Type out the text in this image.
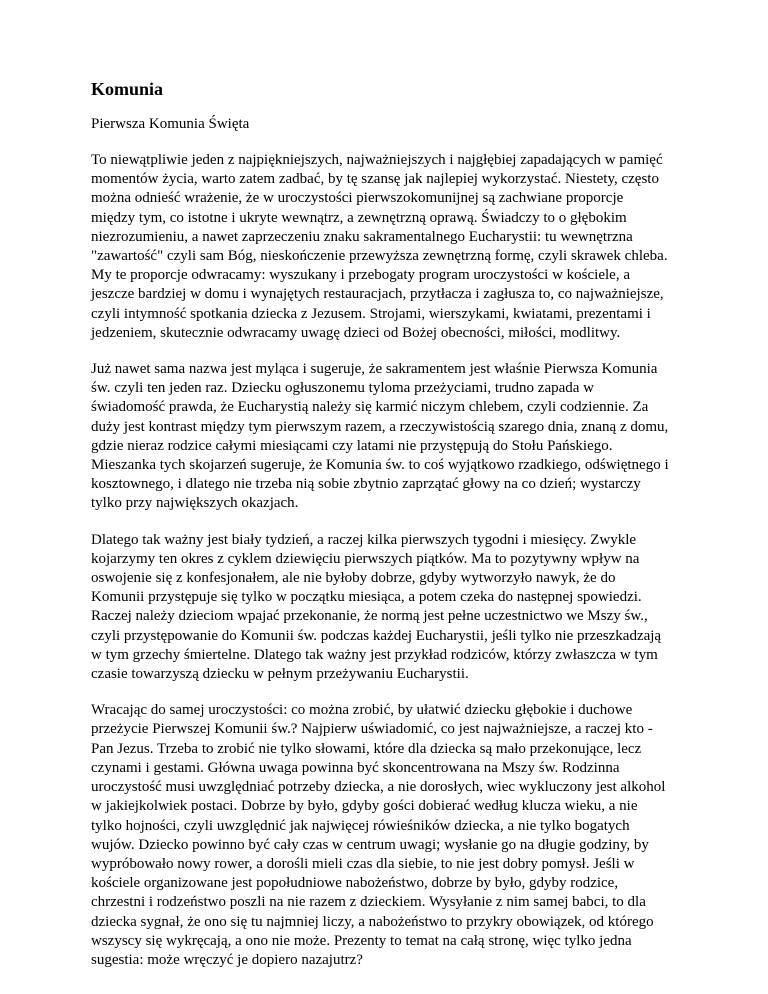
Komunia

Pierwsza Komunia Święta

To niewątpliwie jeden z najpiękniejszych, najważniejszych i najgłębiej zapadających w pamięć momentów życia, warto zatem zadbać, by tę szansę jak najlepiej wykorzystać. Niestety, często można odnieść wrażenie, że w uroczystości pierwszokomunijnej są zachwiane proporcje między tym, co istotne i ukryte wewnątrz, a zewnętrzną oprawą. Świadczy to o głębokim niezrozumieniu, a nawet zaprzeczeniu znaku sakramentalnego Eucharystii: tu wewnętrzna "zawartość" czyli sam Bóg, nieskończenie przewyższa zewnętrzną formę, czyli skrawek chleba. My te proporcje odwracamy: wyszukany i przebogaty program uroczystości w kościele, a jeszcze bardziej w domu i wynajętych restauracjach, przytłacza i zagłusza to, co najważniejsze, czyli intymność spotkania dziecka z Jezusem. Strojami, wierszykami, kwiatami, prezentami i jedzeniem, skutecznie odwracamy uwagę dzieci od Bożej obecności, miłości, modlitwy.

Już nawet sama nazwa jest myląca i sugeruje, że sakramentem jest właśnie Pierwsza Komunia św. czyli ten jeden raz. Dziecku ogłuszonemu tyloma przeżyciami, trudno zapada w świadomość prawda, że Eucharystią należy się karmić niczym chlebem, czyli codziennie. Za duży jest kontrast między tym pierwszym razem, a rzeczywistością szarego dnia, znaną z domu, gdzie nieraz rodzice całymi miesiącami czy latami nie przystępują do Stołu Pańskiego. Mieszanka tych skojarzeń sugeruje, że Komunia św. to coś wyjątkowo rzadkiego, odświętnego i kosztownego, i dlatego nie trzeba nią sobie zbytnio zaprzątać głowy na co dzień; wystarczy tylko przy największych okazjach.

Dlatego tak ważny jest biały tydzień, a raczej kilka pierwszych tygodni i miesięcy. Zwykle kojarzymy ten okres z cyklem dziewięciu pierwszych piątków. Ma to pozytywny wpływ na oswojenie się z konfesjonałem, ale nie byłoby dobrze, gdyby wytworzyło nawyk, że do Komunii przystępuje się tylko w początku miesiąca, a potem czeka do następnej spowiedzi. Raczej należy dzieciom wpajać przekonanie, że normą jest pełne uczestnictwo we Mszy św., czyli przystępowanie do Komunii św. podczas każdej Eucharystii, jeśli tylko nie przeszkadzają w tym grzechy śmiertelne. Dlatego tak ważny jest przykład rodziców, którzy zwłaszcza w tym czasie towarzyszą dziecku w pełnym przeżywaniu Eucharystii.

Wracając do samej uroczystości: co można zrobić, by ułatwić dziecku głębokie i duchowe przeżycie Pierwszej Komunii św.? Najpierw uświadomić, co jest najważniejsze, a raczej kto - Pan Jezus. Trzeba to zrobić nie tylko słowami, które dla dziecka są mało przekonujące, lecz czynami i gestami. Główna uwaga powinna być skoncentrowana na Mszy św. Rodzinna uroczystość musi uwzględniać potrzeby dziecka, a nie dorosłych, wiec wykluczony jest alkohol w jakiejkolwiek postaci. Dobrze by było, gdyby gości dobierać według klucza wieku, a nie tylko hojności, czyli uwzględnić jak najwięcej rówieśników dziecka, a nie tylko bogatych wujów. Dziecko powinno być cały czas w centrum uwagi; wysłanie go na długie godziny, by wypróbowało nowy rower, a dorośli mieli czas dla siebie, to nie jest dobry pomysł. Jeśli w kościele organizowane jest popołudniowe nabożeństwo, dobrze by było, gdyby rodzice, chrzestni i rodzeństwo poszli na nie razem z dzieckiem. Wysyłanie z nim samej babci, to dla dziecka sygnał, że ono się tu najmniej liczy, a nabożeństwo to przykry obowiązek, od którego wszyscy się wykręcają, a ono nie może. Prezenty to temat na całą stronę, więc tylko jedna sugestia: może wręczyć je dopiero nazajutrz?
